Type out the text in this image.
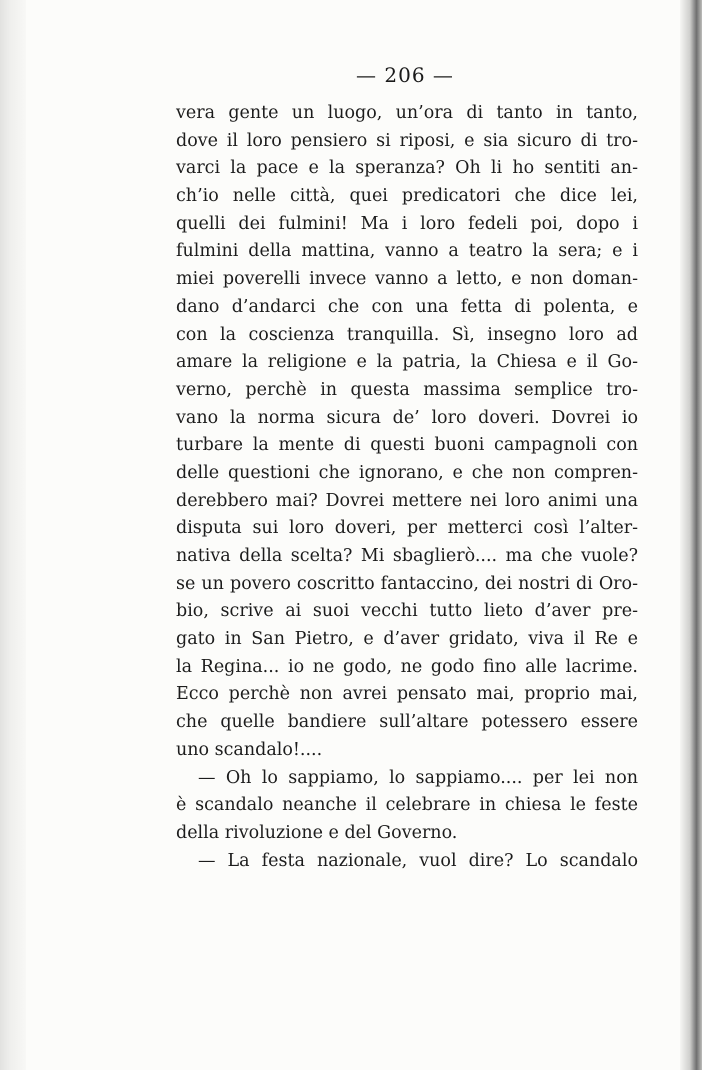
— 206 —
vera gente un luogo, un’ora di tanto in tanto,
dove il loro pensiero si riposi, e sia sicuro di tro-
varci la pace e la speranza? Oh li ho sentiti an-
ch’io nelle città, quei predicatori che dice lei,
quelli dei fulmini! Ma i loro fedeli poi, dopo i
fulmini della mattina, vanno a teatro la sera; e i
miei poverelli invece vanno a letto, e non doman-
dano d’andarci che con una fetta di polenta, e
con la coscienza tranquilla. Sì, insegno loro ad
amare la religione e la patria, la Chiesa e il Go-
verno, perchè in questa massima semplice tro-
vano la norma sicura de’ loro doveri. Dovrei io
turbare la mente di questi buoni campagnoli con
delle questioni che ignorano, e che non compren-
derebbero mai? Dovrei mettere nei loro animi una
disputa sui loro doveri, per metterci così l’alter-
nativa della scelta? Mi sbaglierò.... ma che vuole?
se un povero coscritto fantaccino, dei nostri di Oro-
bio, scrive ai suoi vecchi tutto lieto d’aver pre-
gato in San Pietro, e d’aver gridato, viva il Re e
la Regina... io ne godo, ne godo fino alle lacrime.
Ecco perchè non avrei pensato mai, proprio mai,
che quelle bandiere sull’altare potessero essere
uno scandalo!....
— Oh lo sappiamo, lo sappiamo.... per lei non
è scandalo neanche il celebrare in chiesa le feste
della rivoluzione e del Governo.
— La festa nazionale, vuol dire? Lo scandalo
